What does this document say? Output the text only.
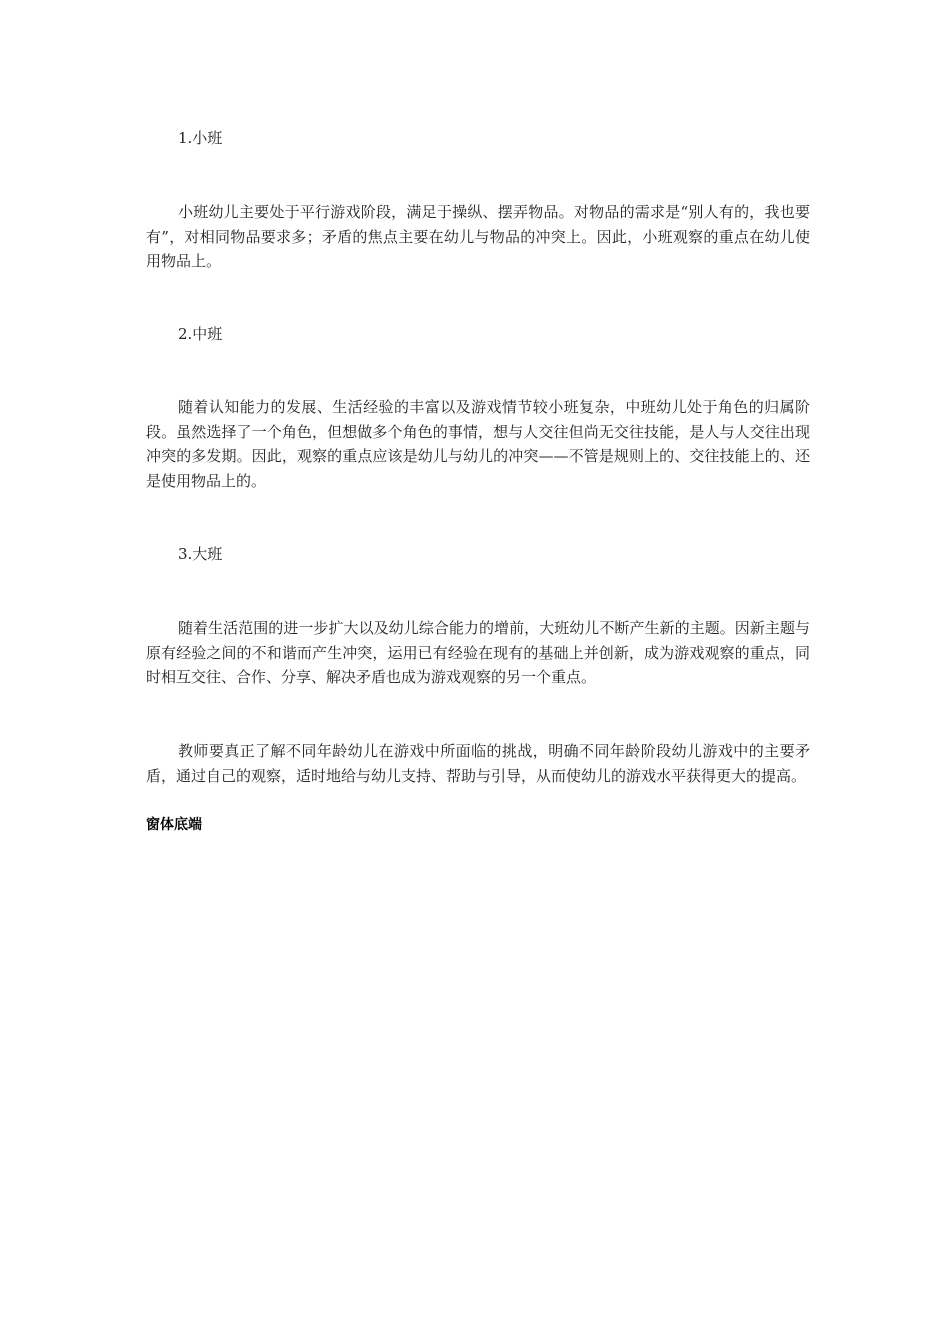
1.小班

小班幼儿主要处于平行游戏阶段，满足于操纵、摆弄物品。对物品的需求是“别人有的，我也要有”，对相同物品要求多；矛盾的焦点主要在幼儿与物品的冲突上。因此，小班观察的重点在幼儿使用物品上。

2.中班

随着认知能力的发展、生活经验的丰富以及游戏情节较小班复杂，中班幼儿处于角色的归属阶段。虽然选择了一个角色，但想做多个角色的事情，想与人交往但尚无交往技能，是人与人交往出现冲突的多发期。因此，观察的重点应该是幼儿与幼儿的冲突——不管是规则上的、交往技能上的、还是使用物品上的。

3.大班

随着生活范围的进一步扩大以及幼儿综合能力的增前，大班幼儿不断产生新的主题。因新主题与原有经验之间的不和谐而产生冲突，运用已有经验在现有的基础上并创新，成为游戏观察的重点，同时相互交往、合作、分享、解决矛盾也成为游戏观察的另一个重点。

教师要真正了解不同年龄幼儿在游戏中所面临的挑战，明确不同年龄阶段幼儿游戏中的主要矛盾，通过自己的观察，适时地给与幼儿支持、帮助与引导，从而使幼儿的游戏水平获得更大的提高。

窗体底端
